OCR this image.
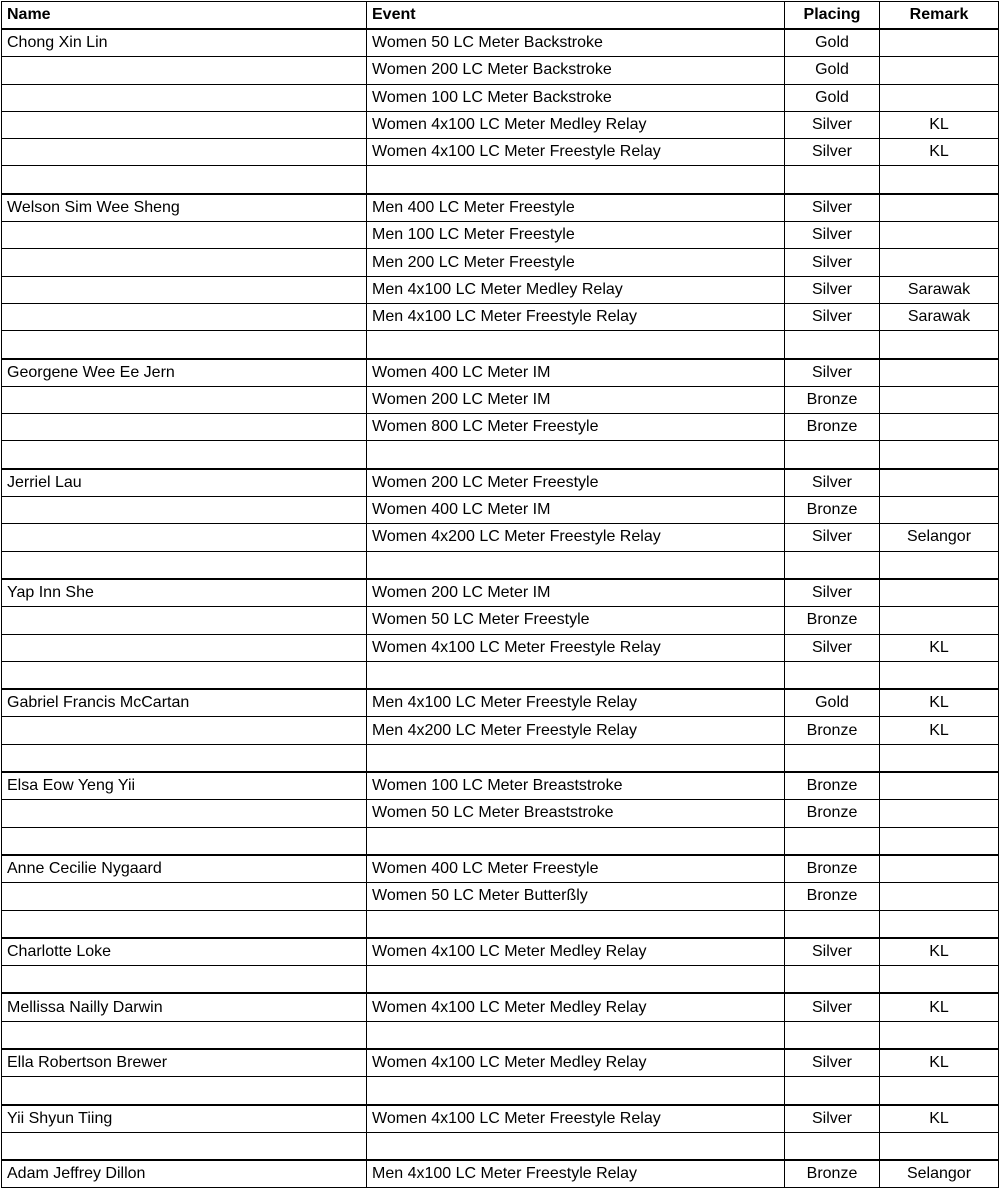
Name	Event	Placing	Remark
Chong Xin Lin	Women 50 LC Meter Backstroke	Gold	
	Women 200 LC Meter Backstroke	Gold	
	Women 100 LC Meter Backstroke	Gold	
	Women 4x100 LC Meter Medley Relay	Silver	KL
	Women 4x100 LC Meter Freestyle Relay	Silver	KL

Welson Sim Wee Sheng	Men 400 LC Meter Freestyle	Silver	
	Men 100 LC Meter Freestyle	Silver	
	Men 200 LC Meter Freestyle	Silver	
	Men 4x100 LC Meter Medley Relay	Silver	Sarawak
	Men 4x100 LC Meter Freestyle Relay	Silver	Sarawak

Georgene Wee Ee Jern	Women 400 LC Meter IM	Silver	
	Women 200 LC Meter IM	Bronze	
	Women 800 LC Meter Freestyle	Bronze	

Jerriel Lau	Women 200 LC Meter Freestyle	Silver	
	Women 400 LC Meter IM	Bronze	
	Women 4x200 LC Meter Freestyle Relay	Silver	Selangor

Yap Inn She	Women 200 LC Meter IM	Silver	
	Women 50 LC Meter Freestyle	Bronze	
	Women 4x100 LC Meter Freestyle Relay	Silver	KL

Gabriel Francis McCartan	Men 4x100 LC Meter Freestyle Relay	Gold	KL
	Men 4x200 LC Meter Freestyle Relay	Bronze	KL

Elsa Eow Yeng Yii	Women 100 LC Meter Breaststroke	Bronze	
	Women 50 LC Meter Breaststroke	Bronze	

Anne Cecilie Nygaard	Women 400 LC Meter Freestyle	Bronze	
	Women 50 LC Meter Butterßly	Bronze	

Charlotte Loke	Women 4x100 LC Meter Medley Relay	Silver	KL

Mellissa Nailly Darwin	Women 4x100 LC Meter Medley Relay	Silver	KL

Ella Robertson Brewer	Women 4x100 LC Meter Medley Relay	Silver	KL

Yii Shyun Tiing	Women 4x100 LC Meter Freestyle Relay	Silver	KL

Adam Jeffrey Dillon	Men 4x100 LC Meter Freestyle Relay	Bronze	Selangor
